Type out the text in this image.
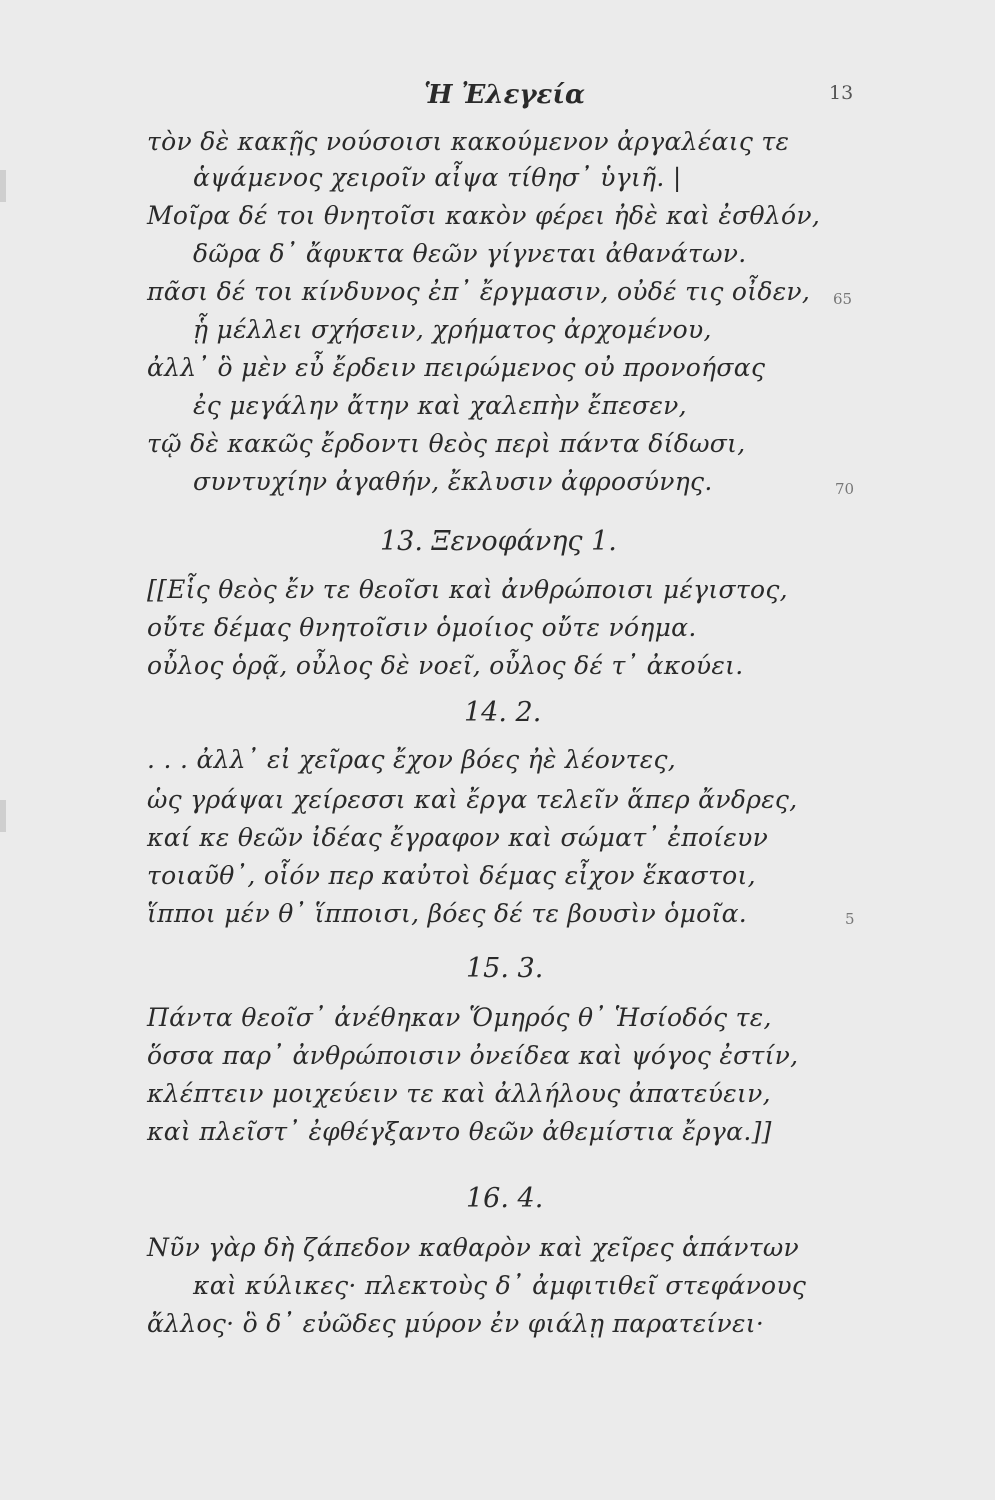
Ἡ Ἐλεγεία	13
τὸν δὲ κακῇς νούσοισι κακούμενον ἀργαλέαις τε
ἁψάμενος χειροῖν αἶψα τίθησ᾽ ὑγιῆ. |
Μοῖρα δέ τοι θνητοῖσι κακὸν φέρει ἠδὲ καὶ ἐσθλόν,
δῶρα δ᾽ ἄφυκτα θεῶν γίγνεται ἀθανάτων.
πᾶσι δέ τοι κίνδυνος ἐπ᾽ ἔργμασιν, οὐδέ τις οἶδεν,
ᾗ μέλλει σχήσειν, χρήματος ἀρχομένου,
ἀλλ᾽ ὃ μὲν εὖ ἔρδειν πειρώμενος οὐ προνοήσας
ἐς μεγάλην ἄτην καὶ χαλεπὴν ἔπεσεν,
τῷ δὲ κακῶς ἔρδοντι θεὸς περὶ πάντα δίδωσι,
συντυχίην ἀγαθήν, ἔκλυσιν ἀφροσύνης.
65
70
13. Ξενοφάνης 1.
[[Εἷς θεὸς ἔν τε θεοῖσι καὶ ἀνθρώποισι μέγιστος,
οὔτε δέμας θνητοῖσιν ὁμοίιος οὔτε νόημα.
οὖλος ὁρᾷ, οὖλος δὲ νοεῖ, οὖλος δέ τ᾽ ἀκούει.
14. 2.
. . . ἀλλ᾽ εἰ χεῖρας ἔχον βόες ἠὲ λέοντες,
ὡς γράψαι χείρεσσι καὶ ἔργα τελεῖν ἅπερ ἄνδρες,
καί κε θεῶν ἰδέας ἔγραφον καὶ σώματ᾽ ἐποίευν
τοιαῦθ᾽, οἷόν περ καὐτοὶ δέμας εἶχον ἕκαστοι,
ἵπποι μέν θ᾽ ἵπποισι, βόες δέ τε βουσὶν ὁμοῖα.	5
15. 3.
Πάντα θεοῖσ᾽ ἀνέθηκαν Ὅμηρός θ᾽ Ἡσίοδός τε,
ὅσσα παρ᾽ ἀνθρώποισιν ὀνείδεα καὶ ψόγος ἐστίν,
κλέπτειν μοιχεύειν τε καὶ ἀλλήλους ἀπατεύειν,
καὶ πλεῖστ᾽ ἐφθέγξαντο θεῶν ἀθεμίστια ἔργα.]]
16. 4.
Νῦν γὰρ δὴ ζάπεδον καθαρὸν καὶ χεῖρες ἁπάντων
καὶ κύλικες· πλεκτοὺς δ᾽ ἀμφιτιθεῖ στεφάνους
ἄλλος· ὃ δ᾽ εὐῶδες μύρον ἐν φιάλῃ παρατείνει·
